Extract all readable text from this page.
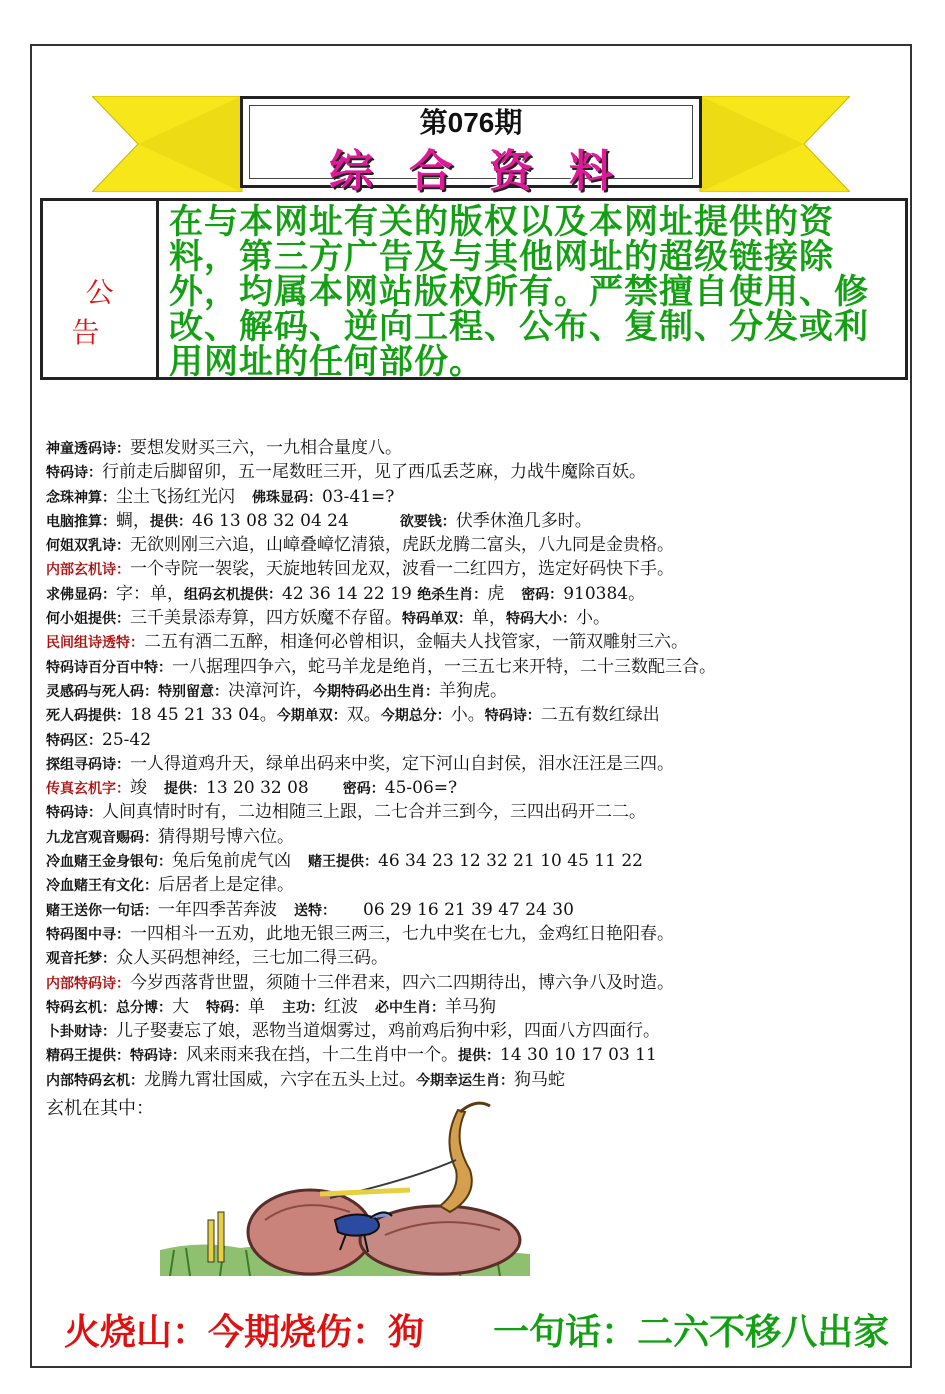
第076期
综合资料
公告
在与本网址有关的版权以及本网址提供的资料，第三方广告及与其他网址的超级链接除外，均属本网站版权所有。严禁擅自使用、修改、解码、逆向工程、公布、复制、分发或利用网址的任何部份。
神童透码诗：要想发财买三六，一九相合量度八。
特码诗：行前走后脚留卯，五一尾数旺三开，见了西瓜丢芝麻，力战牛魔除百妖。
念珠神算：尘土飞扬红光闪　佛珠显码：03-41=?
电脑推算：蜩，提供：46 13 08 32 04 24　　　欲要钱：伏季休渔几多时。
何姐双乳诗：无欲则刚三六追，山嶂叠嶂忆清猿，虎跃龙腾二富头，八九同是金贵格。
内部玄机诗：一个寺院一袈裟，天旋地转回龙双，波看一二红四方，选定好码快下手。
求佛显码：字：单，组码玄机提供：42 36 14 22 19 绝杀生肖：虎　密码：910384。
何小姐提供：三千美景添寿算，四方妖魔不存留。特码单双：单，特码大小：小。
民间组诗透特：二五有酒二五醉，相逢何必曾相识，金幅夫人找管家，一箭双雕射三六。
特码诗百分百中特：一八据理四争六，蛇马羊龙是绝肖，一三五七来开特，二十三数配三合。
灵感码与死人码：特别留意：决漳河许，今期特码必出生肖：羊狗虎。
死人码提供：18 45 21 33 04。今期单双：双。今期总分：小。特码诗：二五有数红绿出
特码区：25-42
探组寻码诗：一人得道鸡升天，绿单出码来中奖，定下河山自封侯，泪水汪汪是三四。
传真玄机字：竣　提供：13 20 32 08　　密码：45-06=?
特码诗：人间真情时时有，二边相随三上跟，二七合并三到今，三四出码开二二。
九龙宫观音赐码：猜得期号博六位。
冷血赌王金身银句：兔后兔前虎气凶　赌王提供：46 34 23 12 32 21 10 45 11 22
冷血赌王有文化：后居者上是定律。
赌王送你一句话：一年四季苦奔波　送特：　　06 29 16 21 39 47 24 30
特码图中寻：一四相斗一五劝，此地无银三两三，七九中奖在七九，金鸡红日艳阳春。
观音托梦：众人买码想神经，三七加二得三码。
内部特码诗：今岁西落背世盟，须随十三伴君来，四六二四期待出，博六争八及时造。
特码玄机：总分博：大　特码：单　主功：红波　必中生肖：羊马狗
卜卦财诗：儿子娶妻忘了娘，恶物当道烟雾过，鸡前鸡后狗中彩，四面八方四面行。
精码王提供：特码诗：风来雨来我在挡，十二生肖中一个。提供：14 30 10 17 03 11
内部特码玄机：龙腾九霄壮国威，六字在五头上过。今期幸运生肖：狗马蛇
玄机在其中：
火烧山：今期烧伤：狗 一句话：二六不移八出家
